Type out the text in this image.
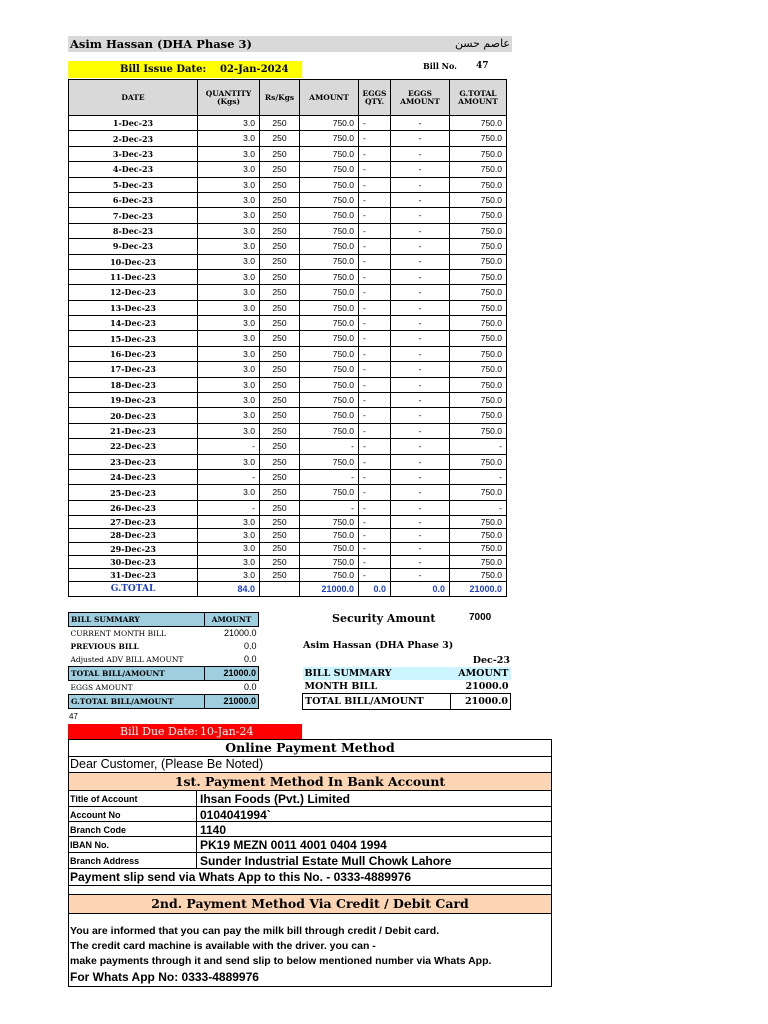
Asim Hassan (DHA Phase 3)	عاصم حسن
Bill Issue Date: 02-Jan-2024	Bill No. 47
DATE	QUANTITY (Kgs)	Rs/Kgs	AMOUNT	EGGS QTY.	EGGS AMOUNT	G.TOTAL AMOUNT
1-Dec-23	3.0	250	750.0	-	-	750.0
2-Dec-23	3.0	250	750.0	-	-	750.0
3-Dec-23	3.0	250	750.0	-	-	750.0
4-Dec-23	3.0	250	750.0	-	-	750.0
5-Dec-23	3.0	250	750.0	-	-	750.0
6-Dec-23	3.0	250	750.0	-	-	750.0
7-Dec-23	3.0	250	750.0	-	-	750.0
8-Dec-23	3.0	250	750.0	-	-	750.0
9-Dec-23	3.0	250	750.0	-	-	750.0
10-Dec-23	3.0	250	750.0	-	-	750.0
11-Dec-23	3.0	250	750.0	-	-	750.0
12-Dec-23	3.0	250	750.0	-	-	750.0
13-Dec-23	3.0	250	750.0	-	-	750.0
14-Dec-23	3.0	250	750.0	-	-	750.0
15-Dec-23	3.0	250	750.0	-	-	750.0
16-Dec-23	3.0	250	750.0	-	-	750.0
17-Dec-23	3.0	250	750.0	-	-	750.0
18-Dec-23	3.0	250	750.0	-	-	750.0
19-Dec-23	3.0	250	750.0	-	-	750.0
20-Dec-23	3.0	250	750.0	-	-	750.0
21-Dec-23	3.0	250	750.0	-	-	750.0
22-Dec-23	-	250	-	-	-	-
23-Dec-23	3.0	250	750.0	-	-	750.0
24-Dec-23	-	250	-	-	-	-
25-Dec-23	3.0	250	750.0	-	-	750.0
26-Dec-23	-	250	-	-	-	-
27-Dec-23	3.0	250	750.0	-	-	750.0
28-Dec-23	3.0	250	750.0	-	-	750.0
29-Dec-23	3.0	250	750.0	-	-	750.0
30-Dec-23	3.0	250	750.0	-	-	750.0
31-Dec-23	3.0	250	750.0	-	-	750.0
G.TOTAL	84.0		21000.0	0.0	0.0	21000.0
BILL SUMMARY	AMOUNT
CURRENT MONTH BILL	21000.0
PREVIOUS BILL	0.0
Adjusted ADV BILL AMOUNT	0.0
TOTAL BILL/AMOUNT	21000.0
EGGS AMOUNT	0.0
G.TOTAL BILL/AMOUNT	21000.0
Security Amount	7000
Asim Hassan (DHA Phase 3)
Dec-23
BILL SUMMARY	AMOUNT
MONTH BILL	21000.0
TOTAL BILL/AMOUNT	21000.0
47
Bill Due Date: 10-Jan-24
Online Payment Method
Dear Customer, (Please Be Noted)
1st. Payment Method In Bank Account
Title of Account	Ihsan Foods (Pvt.) Limited
Account No	0104041994`
Branch Code	1140
IBAN No.	PK19 MEZN 0011 4001 0404 1994
Branch Address	Sunder Industrial Estate Mull Chowk Lahore
Payment slip send via Whats App to this No. - 0333-4889976
2nd. Payment Method Via Credit / Debit Card
You are informed that you can pay the milk bill through credit / Debit card.
The credit card machine is available with the driver. you can -
make payments through it and send slip to below mentioned number via Whats App.
For Whats App No: 0333-4889976
